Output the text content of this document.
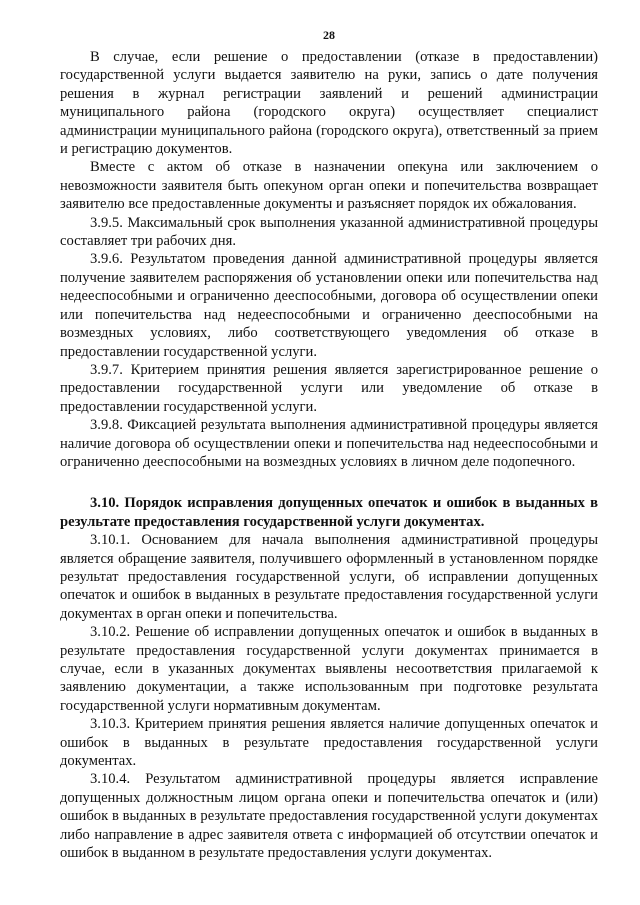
28

В случае, если решение о предоставлении (отказе в предоставлении) государственной услуги выдается заявителю на руки, запись о дате получения решения в журнал регистрации заявлений и решений администрации муниципального района (городского округа) осуществляет специалист администрации муниципального района (городского округа), ответственный за прием и регистрацию документов.

Вместе с актом об отказе в назначении опекуна или заключением о невозможности заявителя быть опекуном орган опеки и попечительства возвращает заявителю все предоставленные документы и разъясняет порядок их обжалования.

3.9.5. Максимальный срок выполнения указанной административной процедуры составляет три рабочих дня.

3.9.6. Результатом проведения данной административной процедуры является получение заявителем распоряжения об установлении опеки или попечительства над недееспособными и ограниченно дееспособными, договора об осуществлении опеки или попечительства над недееспособными и ограниченно дееспособными на возмездных условиях, либо соответствующего уведомления об отказе в предоставлении государственной услуги.

3.9.7. Критерием принятия решения является зарегистрированное решение о предоставлении государственной услуги или уведомление об отказе в предоставлении государственной услуги.

3.9.8. Фиксацией результата выполнения административной процедуры является наличие договора об осуществлении опеки и попечительства над недееспособными и ограниченно дееспособными на возмездных условиях в личном деле подопечного.

3.10. Порядок исправления допущенных опечаток и ошибок в выданных в результате предоставления государственной услуги документах.

3.10.1. Основанием для начала выполнения административной процедуры является обращение заявителя, получившего оформленный в установленном порядке результат предоставления государственной услуги, об исправлении допущенных опечаток и ошибок в выданных в результате предоставления государственной услуги документах в орган опеки и попечительства.

3.10.2. Решение об исправлении допущенных опечаток и ошибок в выданных в результате предоставления государственной услуги документах принимается в случае, если в указанных документах выявлены несоответствия прилагаемой к заявлению документации, а также использованным при подготовке результата государственной услуги нормативным документам.

3.10.3. Критерием принятия решения является наличие допущенных опечаток и ошибок в выданных в результате предоставления государственной услуги документах.

3.10.4. Результатом административной процедуры является исправление допущенных должностным лицом органа опеки и попечительства опечаток и (или) ошибок в выданных в результате предоставления государственной услуги документах либо направление в адрес заявителя ответа с информацией об отсутствии опечаток и ошибок в выданном в результате предоставления услуги документах.
